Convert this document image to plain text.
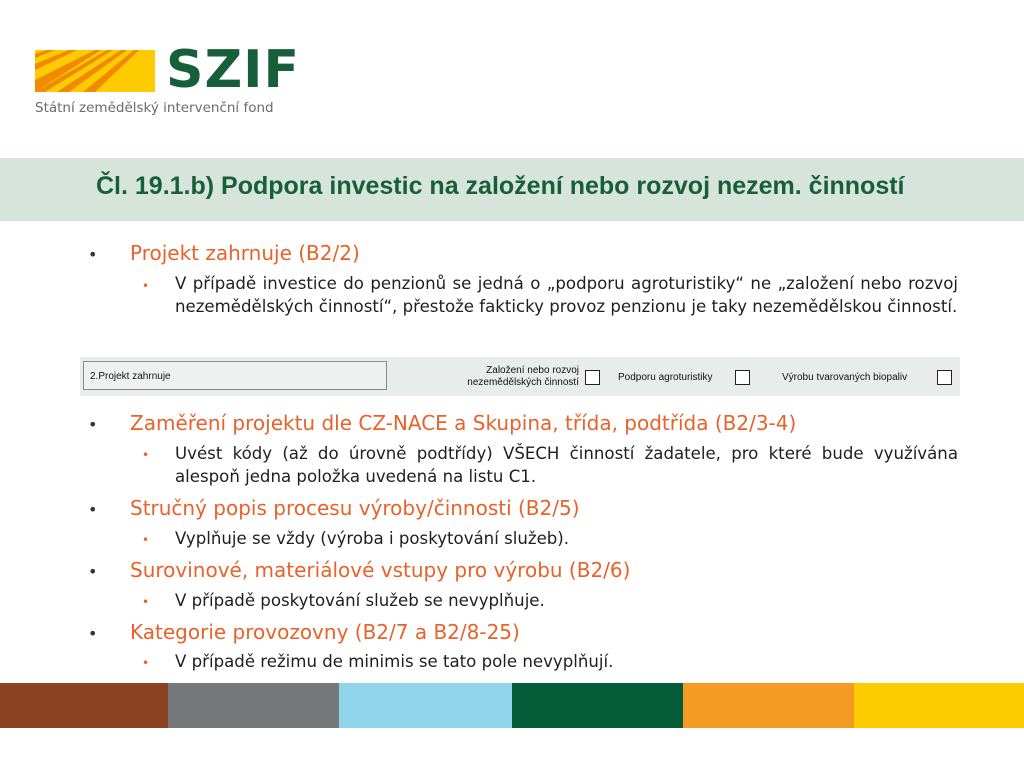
SZIF
Státní zemědělský intervenční fond
Čl. 19.1.b) Podpora investic na založení nebo rozvoj nezem. činností
• Projekt zahrnuje (B2/2)
• V případě investice do penzionů se jedná o „podporu agroturistiky“ ne „založení nebo rozvoj nezemědělských činností“, přestože fakticky provoz penzionu je taky nezemědělskou činností.
2.Projekt zahrnuje
Založení nebo rozvoj
nezemědělských činností	Podporu agroturistiky	Výrobu tvarovaných biopaliv
• Zaměření projektu dle CZ-NACE a Skupina, třída, podtřída (B2/3-4)
• Uvést kódy (až do úrovně podtřídy) VŠECH činností žadatele, pro které bude využívána alespoň jedna položka uvedená na listu C1.
• Stručný popis procesu výroby/činnosti (B2/5)
• Vyplňuje se vždy (výroba i poskytování služeb).
• Surovinové, materiálové vstupy pro výrobu (B2/6)
• V případě poskytování služeb se nevyplňuje.
• Kategorie provozovny (B2/7 a B2/8-25)
• V případě režimu de minimis se tato pole nevyplňují.
